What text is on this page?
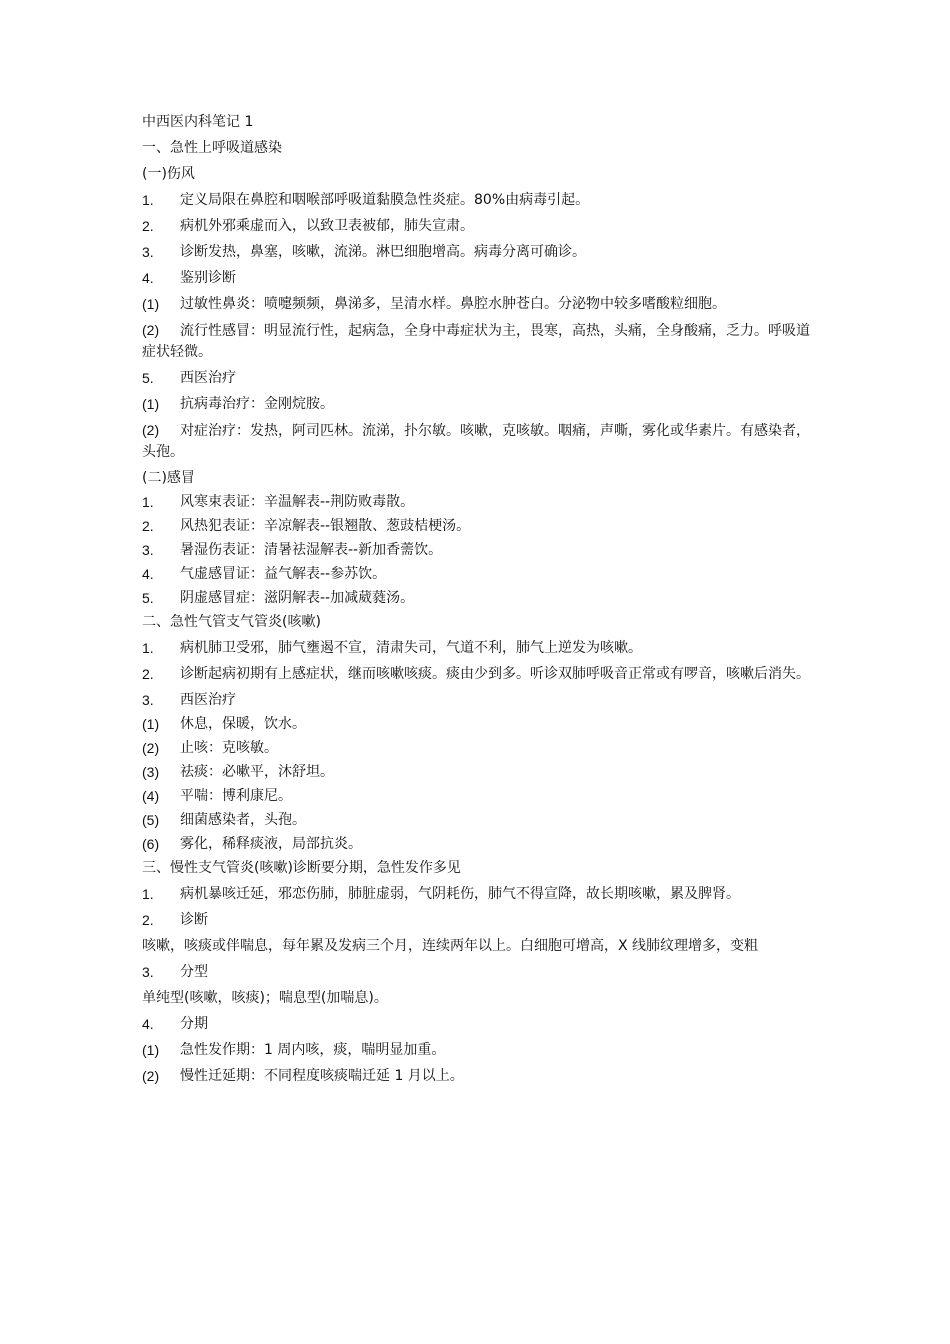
中西医内科笔记 1
一、急性上呼吸道感染
(一)伤风
1.	定义局限在鼻腔和咽喉部呼吸道黏膜急性炎症。80%由病毒引起。
2.	病机外邪乘虚而入，以致卫表被郁，肺失宣肃。
3.	诊断发热，鼻塞，咳嗽，流涕。淋巴细胞增高。病毒分离可确诊。
4.	鉴别诊断
(1)	过敏性鼻炎：喷嚏频频，鼻涕多，呈清水样。鼻腔水肿苍白。分泌物中较多嗜酸粒细胞。
(2) 流行性感冒：明显流行性，起病急，全身中毒症状为主，畏寒，高热，头痛，全身酸痛，乏力。呼吸道症状轻微。
5.	西医治疗
(1)	抗病毒治疗：金刚烷胺。
(2) 对症治疗：发热，阿司匹林。流涕，扑尔敏。咳嗽，克咳敏。咽痛，声嘶，雾化或华素片。有感染者，头孢。
(二)感冒
1.	风寒束表证：辛温解表--荆防败毒散。
2.	风热犯表证：辛凉解表--银翘散、葱豉桔梗汤。
3.	暑湿伤表证：清暑祛湿解表--新加香薷饮。
4.	气虚感冒证：益气解表--参苏饮。
5.	阴虚感冒症：滋阴解表--加减葳蕤汤。
二、急性气管支气管炎(咳嗽)
1.	病机肺卫受邪，肺气壅遏不宣，清肃失司，气道不利，肺气上逆发为咳嗽。
2.	诊断起病初期有上感症状，继而咳嗽咳痰。痰由少到多。听诊双肺呼吸音正常或有啰音，咳嗽后消失。
3.	西医治疗
(1)	休息，保暖，饮水。
(2)	止咳：克咳敏。
(3)	祛痰：必嗽平，沐舒坦。
(4)	平喘：博利康尼。
(5)	细菌感染者，头孢。
(6)	雾化，稀释痰液，局部抗炎。
三、慢性支气管炎(咳嗽)诊断要分期，急性发作多见
1.	病机暴咳迁延，邪恋伤肺，肺脏虚弱，气阴耗伤，肺气不得宣降，故长期咳嗽，累及脾肾。
2.	诊断
咳嗽，咳痰或伴喘息，每年累及发病三个月，连续两年以上。白细胞可增高，X 线肺纹理增多，变粗
3.	分型
单纯型(咳嗽，咳痰)；喘息型(加喘息)。
4.	分期
(1)	急性发作期：1 周内咳，痰，喘明显加重。
(2)	慢性迁延期：不同程度咳痰喘迁延 1 月以上。
